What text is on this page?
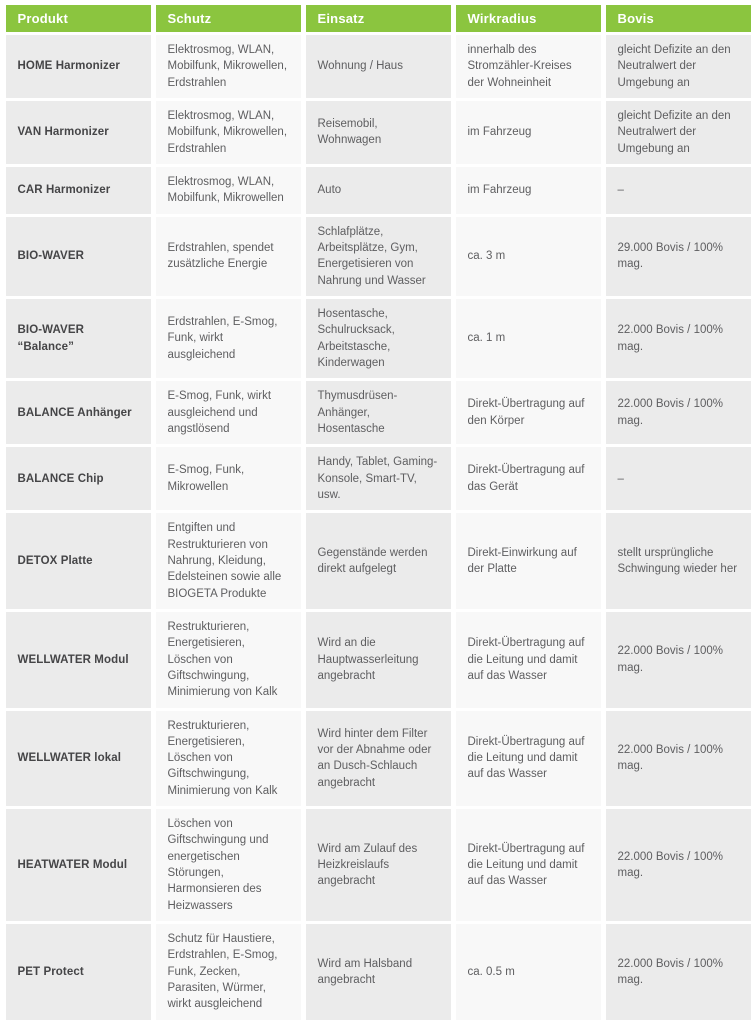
Produkt	Schutz	Einsatz	Wirkradius	Bovis
HOME Harmonizer	Elektrosmog, WLAN, Mobilfunk, Mikrowellen, Erdstrahlen	Wohnung / Haus	innerhalb des Stromzähler-Kreises der Wohneinheit	gleicht Defizite an den Neutralwert der Umgebung an
VAN Harmonizer	Elektrosmog, WLAN, Mobilfunk, Mikrowellen, Erdstrahlen	Reisemobil, Wohnwagen	im Fahrzeug	gleicht Defizite an den Neutralwert der Umgebung an
CAR Harmonizer	Elektrosmog, WLAN, Mobilfunk, Mikrowellen	Auto	im Fahrzeug	–
BIO-WAVER	Erdstrahlen, spendet zusätzliche Energie	Schlafplätze, Arbeitsplätze, Gym, Energetisieren von Nahrung und Wasser	ca. 3 m	29.000 Bovis / 100% mag.
BIO-WAVER “Balance”	Erdstrahlen, E-Smog, Funk, wirkt ausgleichend	Hosentasche, Schulrucksack, Arbeitstasche, Kinderwagen	ca. 1 m	22.000 Bovis / 100% mag.
BALANCE Anhänger	E-Smog, Funk, wirkt ausgleichend und angstlösend	Thymusdrüsen-Anhänger, Hosentasche	Direkt-Übertragung auf den Körper	22.000 Bovis / 100% mag.
BALANCE Chip	E-Smog, Funk, Mikrowellen	Handy, Tablet, Gaming-Konsole, Smart-TV, usw.	Direkt-Übertragung auf das Gerät	–
DETOX Platte	Entgiften und Restrukturieren von Nahrung, Kleidung, Edelsteinen sowie alle BIOGETA Produkte	Gegenstände werden direkt aufgelegt	Direkt-Einwirkung auf der Platte	stellt ursprüngliche Schwingung wieder her
WELLWATER Modul	Restrukturieren, Energetisieren, Löschen von Giftschwingung, Minimierung von Kalk	Wird an die Hauptwasserleitung angebracht	Direkt-Übertragung auf die Leitung und damit auf das Wasser	22.000 Bovis / 100% mag.
WELLWATER lokal	Restrukturieren, Energetisieren, Löschen von Giftschwingung, Minimierung von Kalk	Wird hinter dem Filter vor der Abnahme oder an Dusch-Schlauch angebracht	Direkt-Übertragung auf die Leitung und damit auf das Wasser	22.000 Bovis / 100% mag.
HEATWATER Modul	Löschen von Giftschwingung und energetischen Störungen, Harmonsieren des Heizwassers	Wird am Zulauf des Heizkreislaufs angebracht	Direkt-Übertragung auf die Leitung und damit auf das Wasser	22.000 Bovis / 100% mag.
PET Protect	Schutz für Haustiere, Erdstrahlen, E-Smog, Funk, Zecken, Parasiten, Würmer, wirkt ausgleichend	Wird am Halsband angebracht	ca. 0.5 m	22.000 Bovis / 100% mag.
